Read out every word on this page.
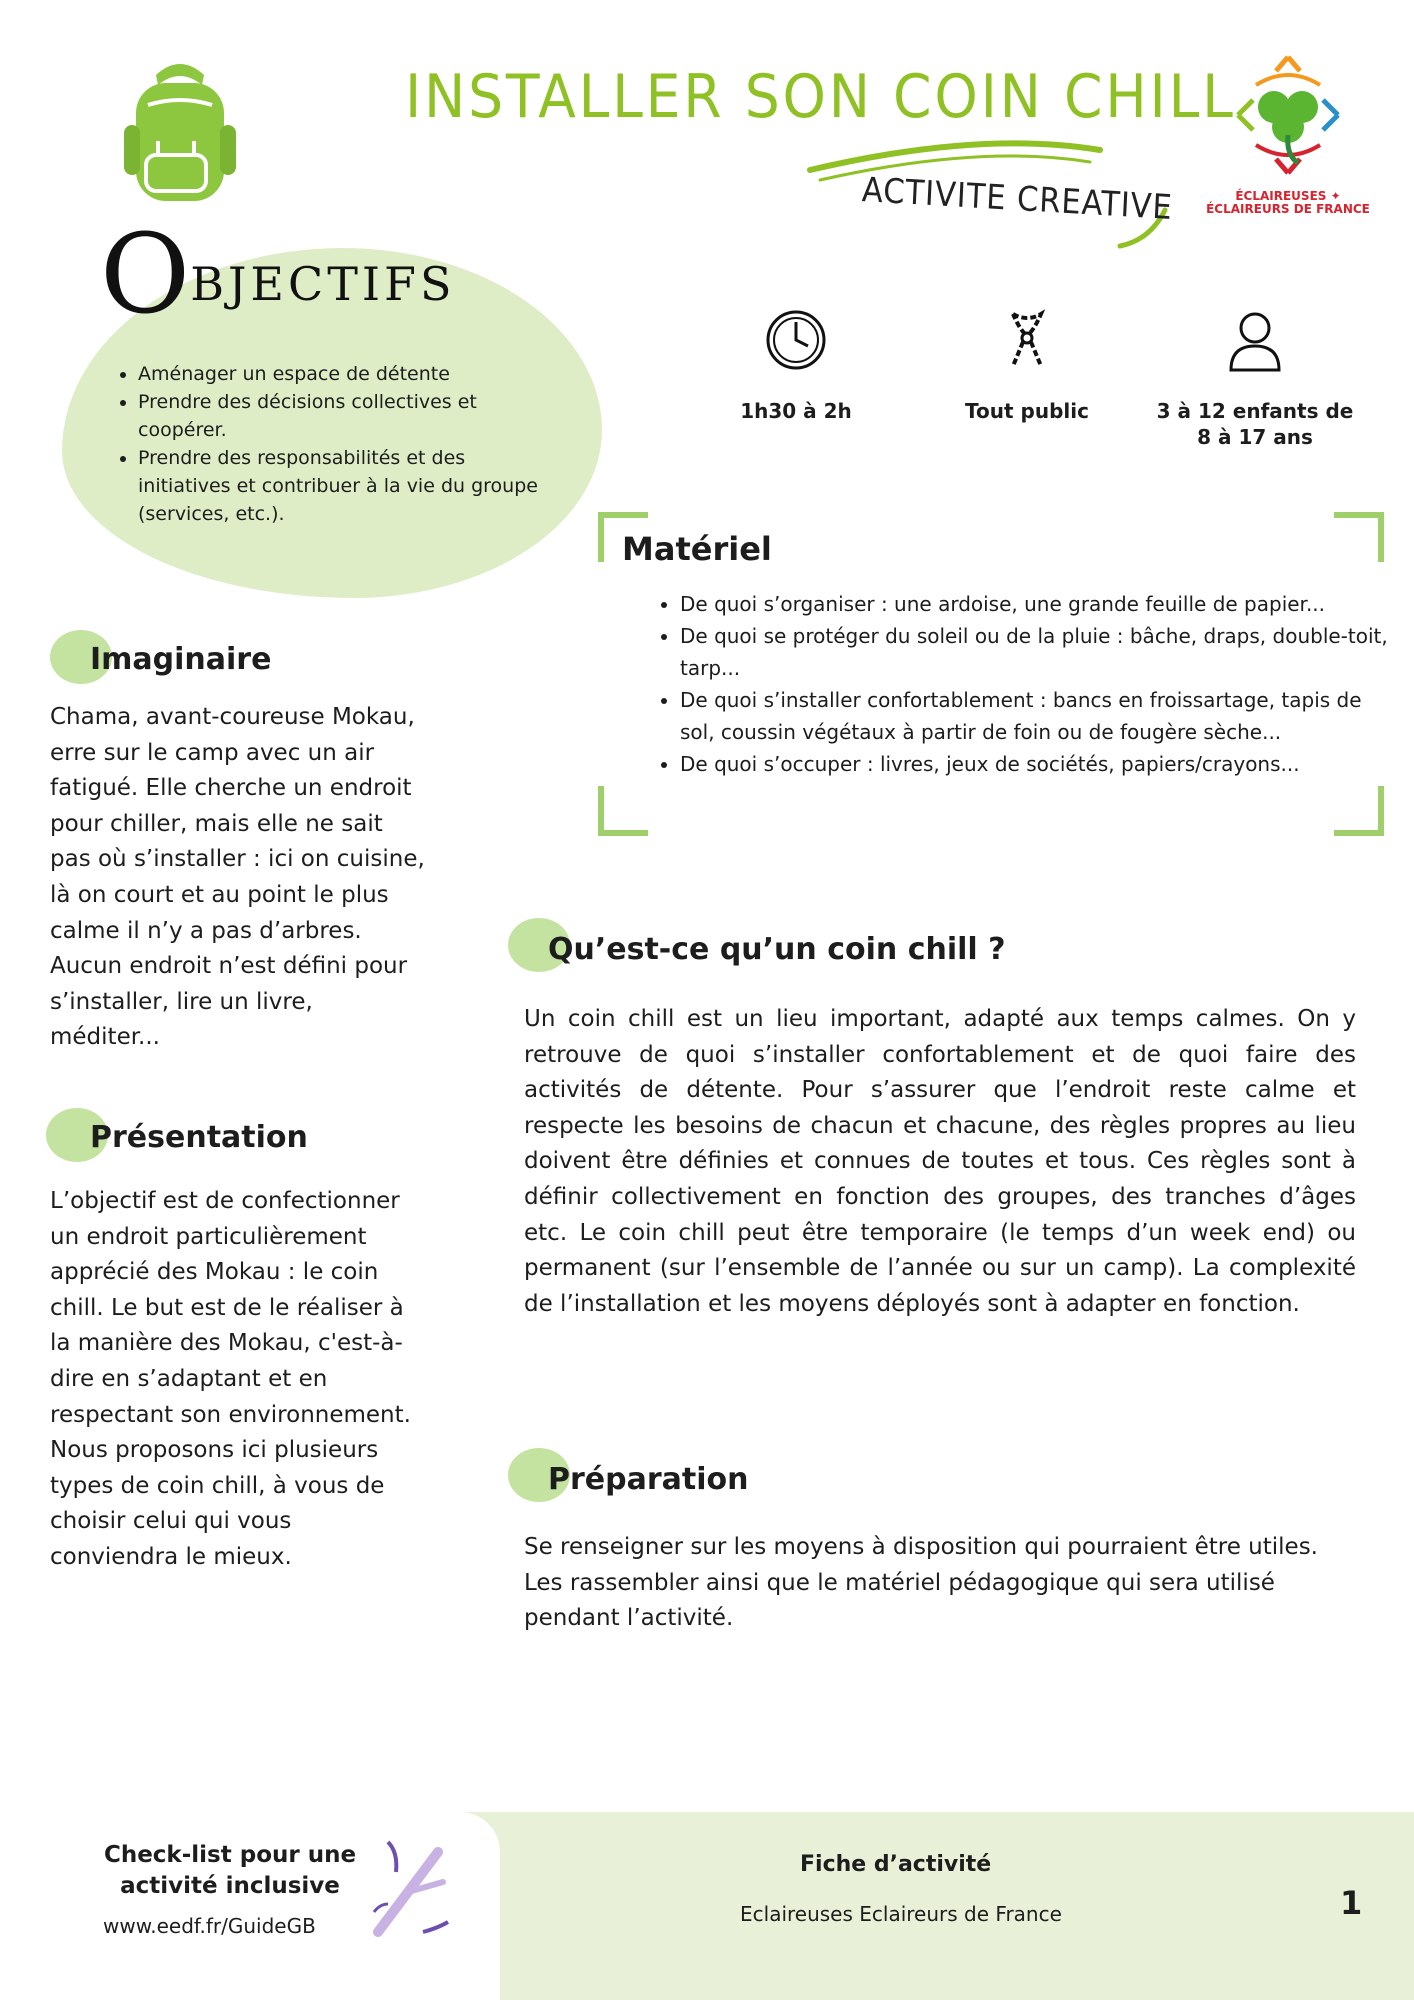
INSTALLER SON COIN CHILL
ACTIVITE CREATIVE	ÉCLAIREUSES ✦ ÉCLAIREURS DE FRANCE
OBJECTIFS
• Aménager un espace de détente
• Prendre des décisions collectives et coopérer.
• Prendre des responsabilités et des initiatives et contribuer à la vie du groupe (services, etc.).
1h30 à 2h	Tout public	3 à 12 enfants de 8 à 17 ans
Matériel
• De quoi s’organiser : une ardoise, une grande feuille de papier...
• De quoi se protéger du soleil ou de la pluie : bâche, draps, double-toit, tarp...
• De quoi s’installer confortablement : bancs en froissartage, tapis de sol, coussin végétaux à partir de foin ou de fougère sèche...
• De quoi s’occuper : livres, jeux de sociétés, papiers/crayons...
Imaginaire
Chama, avant-coureuse Mokau, erre sur le camp avec un air fatigué. Elle cherche un endroit pour chiller, mais elle ne sait pas où s’installer : ici on cuisine, là on court et au point le plus calme il n’y a pas d’arbres. Aucun endroit n’est défini pour s’installer, lire un livre, méditer...
Présentation
L’objectif est de confectionner un endroit particulièrement apprécié des Mokau : le coin chill. Le but est de le réaliser à la manière des Mokau, c'est-à-dire en s’adaptant et en respectant son environnement. Nous proposons ici plusieurs types de coin chill, à vous de choisir celui qui vous conviendra le mieux.
Qu’est-ce qu’un coin chill ?
Un coin chill est un lieu important, adapté aux temps calmes. On y retrouve de quoi s’installer confortablement et de quoi faire des activités de détente. Pour s’assurer que l’endroit reste calme et respecte les besoins de chacun et chacune, des règles propres au lieu doivent être définies et connues de toutes et tous. Ces règles sont à définir collectivement en fonction des groupes, des tranches d’âges etc. Le coin chill peut être temporaire (le temps d’un week end) ou permanent (sur l’ensemble de l’année ou sur un camp). La complexité de l’installation et les moyens déployés sont à adapter en fonction.
Préparation
Se renseigner sur les moyens à disposition qui pourraient être utiles. Les rassembler ainsi que le matériel pédagogique qui sera utilisé pendant l’activité.
Check-list pour une activité inclusive
www.eedf.fr/GuideGB
Fiche d’activité
Eclaireuses Eclaireurs de France	1
